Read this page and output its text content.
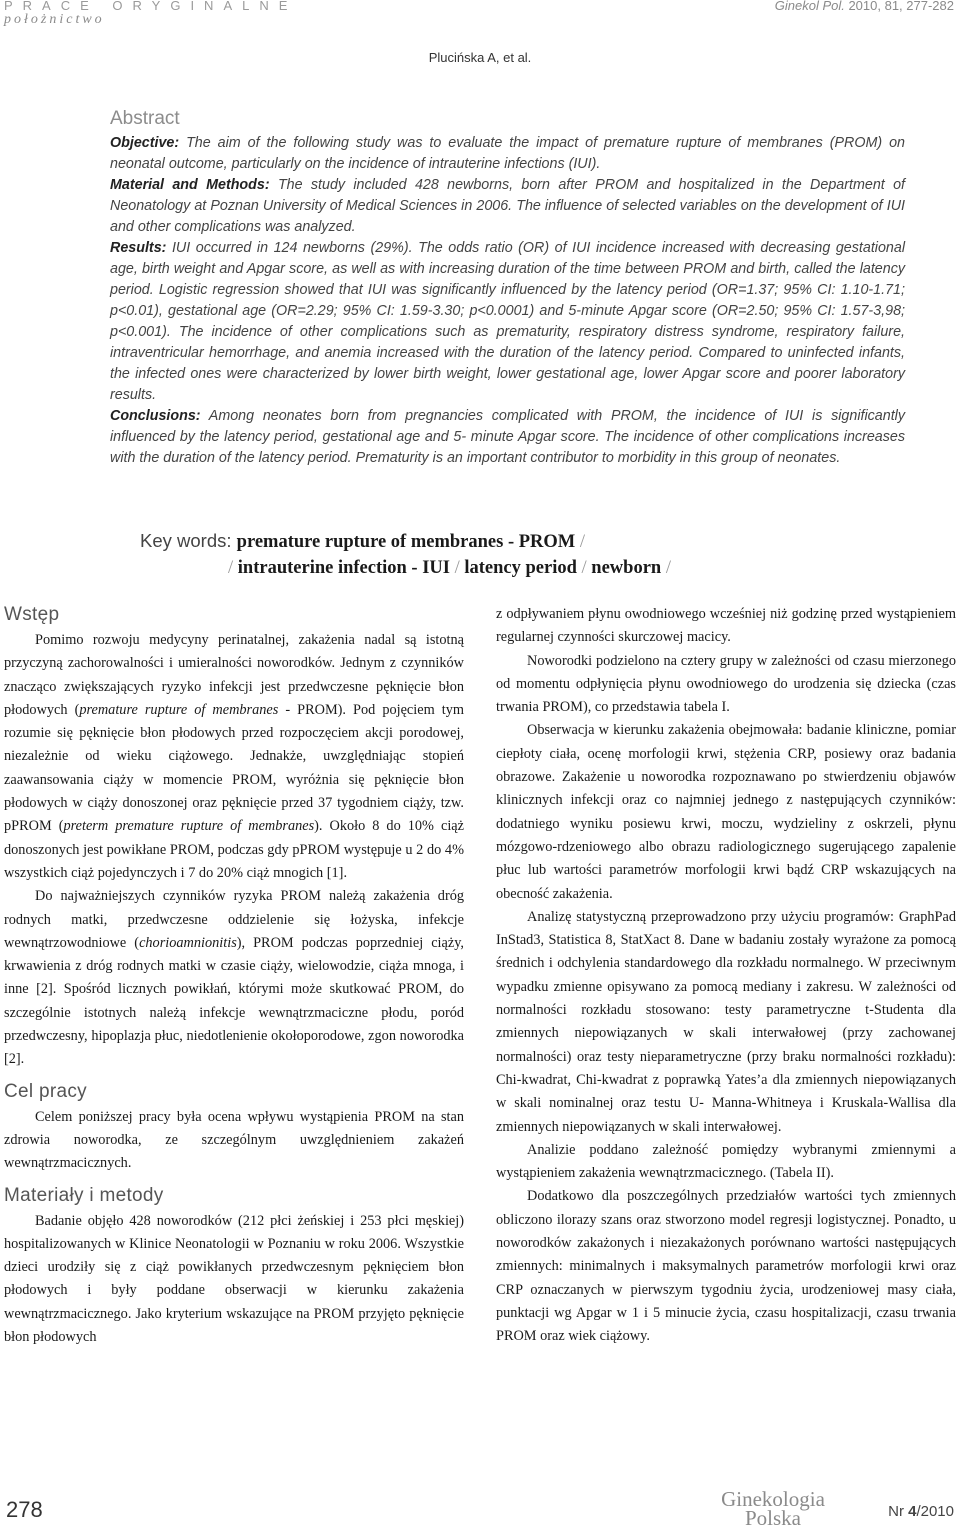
PRACE ORYGINALNE
położnictwo
Ginekol Pol. 2010, 81, 277-282
Plucińska A, et al.
Abstract

Objective: The aim of the following study was to evaluate the impact of premature rupture of membranes (PROM) on neonatal outcome, particularly on the incidence of intrauterine infections (IUI).

Material and Methods: The study included 428 newborns, born after PROM and hospitalized in the Department of Neonatology at Poznan University of Medical Sciences in 2006. The influence of selected variables on the development of IUI and other complications was analyzed.

Results: IUI occurred in 124 newborns (29%). The odds ratio (OR) of IUI incidence increased with decreasing gestational age, birth weight and Apgar score, as well as with increasing duration of the time between PROM and birth, called the latency period. Logistic regression showed that IUI was significantly influenced by the latency period (OR=1.37; 95% CI: 1.10-1.71; p<0.01), gestational age (OR=2.29; 95% CI: 1.59-3.30; p<0.0001) and 5-minute Apgar score (OR=2.50; 95% CI: 1.57-3,98; p<0.001). The incidence of other complications such as prematurity, respiratory distress syndrome, respiratory failure, intraventricular hemorrhage, and anemia increased with the duration of the latency period. Compared to uninfected infants, the infected ones were characterized by lower birth weight, lower gestational age, lower Apgar score and poorer laboratory results.

Conclusions: Among neonates born from pregnancies complicated with PROM, the incidence of IUI is significantly influenced by the latency period, gestational age and 5- minute Apgar score. The incidence of other complications increases with the duration of the latency period. Prematurity is an important contributor to morbidity in this group of neonates.

Key words: premature rupture of membranes - PROM /
/ intrauterine infection - IUI / latency period / newborn /
Wstęp

Pomimo rozwoju medycyny perinatalnej, zakażenia nadal są istotną przyczyną zachorowalności i umieralności noworodków. Jednym z czynników znacząco zwiększających ryzyko infekcji jest przedwczesne pęknięcie błon płodowych (premature rupture of membranes - PROM). Pod pojęciem tym rozumie się pęknięcie błon płodowych przed rozpoczęciem akcji porodowej, niezależnie od wieku ciążowego. Jednakże, uwzględniając stopień zaawansowania ciąży w momencie PROM, wyróżnia się pęknięcie błon płodowych w ciąży donoszonej oraz pęknięcie przed 37 tygodniem ciąży, tzw. pPROM (preterm premature rupture of membranes). Około 8 do 10% ciąż donoszonych jest powikłane PROM, podczas gdy pPROM występuje u 2 do 4% wszystkich ciąż pojedynczych i 7 do 20% ciąż mnogich [1].

Do najważniejszych czynników ryzyka PROM należą zakażenia dróg rodnych matki, przedwczesne oddzielenie się łożyska, infekcje wewnątrzowodniowe (chorioamnionitis), PROM podczas poprzedniej ciąży, krwawienia z dróg rodnych matki w czasie ciąży, wielowodzie, ciąża mnoga, i inne [2]. Spośród licznych powikłań, którymi może skutkować PROM, do szczególnie istotnych należą infekcje wewnątrzmaciczne płodu, poród przedwczesny, hipoplazja płuc, niedotlenienie okołoporodowe, zgon noworodka [2].

Cel pracy

Celem poniższej pracy była ocena wpływu wystąpienia PROM na stan zdrowia noworodka, ze szczególnym uwzględnieniem zakażeń wewnątrzmacicznych.

Materiały i metody

Badanie objęło 428 noworodków (212 płci żeńskiej i 253 płci męskiej) hospitalizowanych w Klinice Neonatologii w Poznaniu w roku 2006. Wszystkie dzieci urodziły się z ciąż powikłanych przedwczesnym pęknięciem błon płodowych i były poddane obserwacji w kierunku zakażenia wewnątrzmacicznego. Jako kryterium wskazujące na PROM przyjęto pęknięcie błon płodowych

z odpływaniem płynu owodniowego wcześniej niż godzinę przed wystąpieniem regularnej czynności skurczowej macicy.

Noworodki podzielono na cztery grupy w zależności od czasu mierzonego od momentu odpłynięcia płynu owodniowego do urodzenia się dziecka (czas trwania PROM), co przedstawia tabela I.

Obserwacja w kierunku zakażenia obejmowała: badanie kliniczne, pomiar ciepłoty ciała, ocenę morfologii krwi, stężenia CRP, posiewy oraz badania obrazowe. Zakażenie u noworodka rozpoznawano po stwierdzeniu objawów klinicznych infekcji oraz co najmniej jednego z następujących czynników: dodatniego wyniku posiewu krwi, moczu, wydzieliny z oskrzeli, płynu mózgowo-rdzeniowego albo obrazu radiologicznego sugerującego zapalenie płuc lub wartości parametrów morfologii krwi bądź CRP wskazujących na obecność zakażenia.

Analizę statystyczną przeprowadzono przy użyciu programów: GraphPad InStad3, Statistica 8, StatXact 8. Dane w badaniu zostały wyrażone za pomocą średnich i odchylenia standardowego dla rozkładu normalnego. W przeciwnym wypadku zmienne opisywano za pomocą mediany i zakresu. W zależności od normalności rozkładu stosowano: testy parametryczne t-Studenta dla zmiennych niepowiązanych w skali interwałowej (przy zachowanej normalności) oraz testy nieparametryczne (przy braku normalności rozkładu): Chi-kwadrat, Chi-kwadrat z poprawką Yates’a dla zmiennych niepowiązanych w skali nominalnej oraz testu U- Manna-Whitneya i Kruskala-Wallisa dla zmiennych niepowiązanych w skali interwałowej.

Analizie poddano zależność pomiędzy wybranymi zmiennymi a wystąpieniem zakażenia wewnątrzmacicznego. (Tabela II).

Dodatkowo dla poszczególnych przedziałów wartości tych zmiennych obliczono ilorazy szans oraz stworzono model regresji logistycznej. Ponadto, u noworodków zakażonych i niezakażonych porównano wartości następujących zmiennych: minimalnych i maksymalnych parametrów morfologii krwi oraz CRP oznaczanych w pierwszym tygodniu życia, urodzeniowej masy ciała, punktacji wg Apgar w 1 i 5 minucie życia, czasu hospitalizacji, czasu trwania PROM oraz wiek ciążowy.

278	Ginekologia
Polska	Nr 4/2010
